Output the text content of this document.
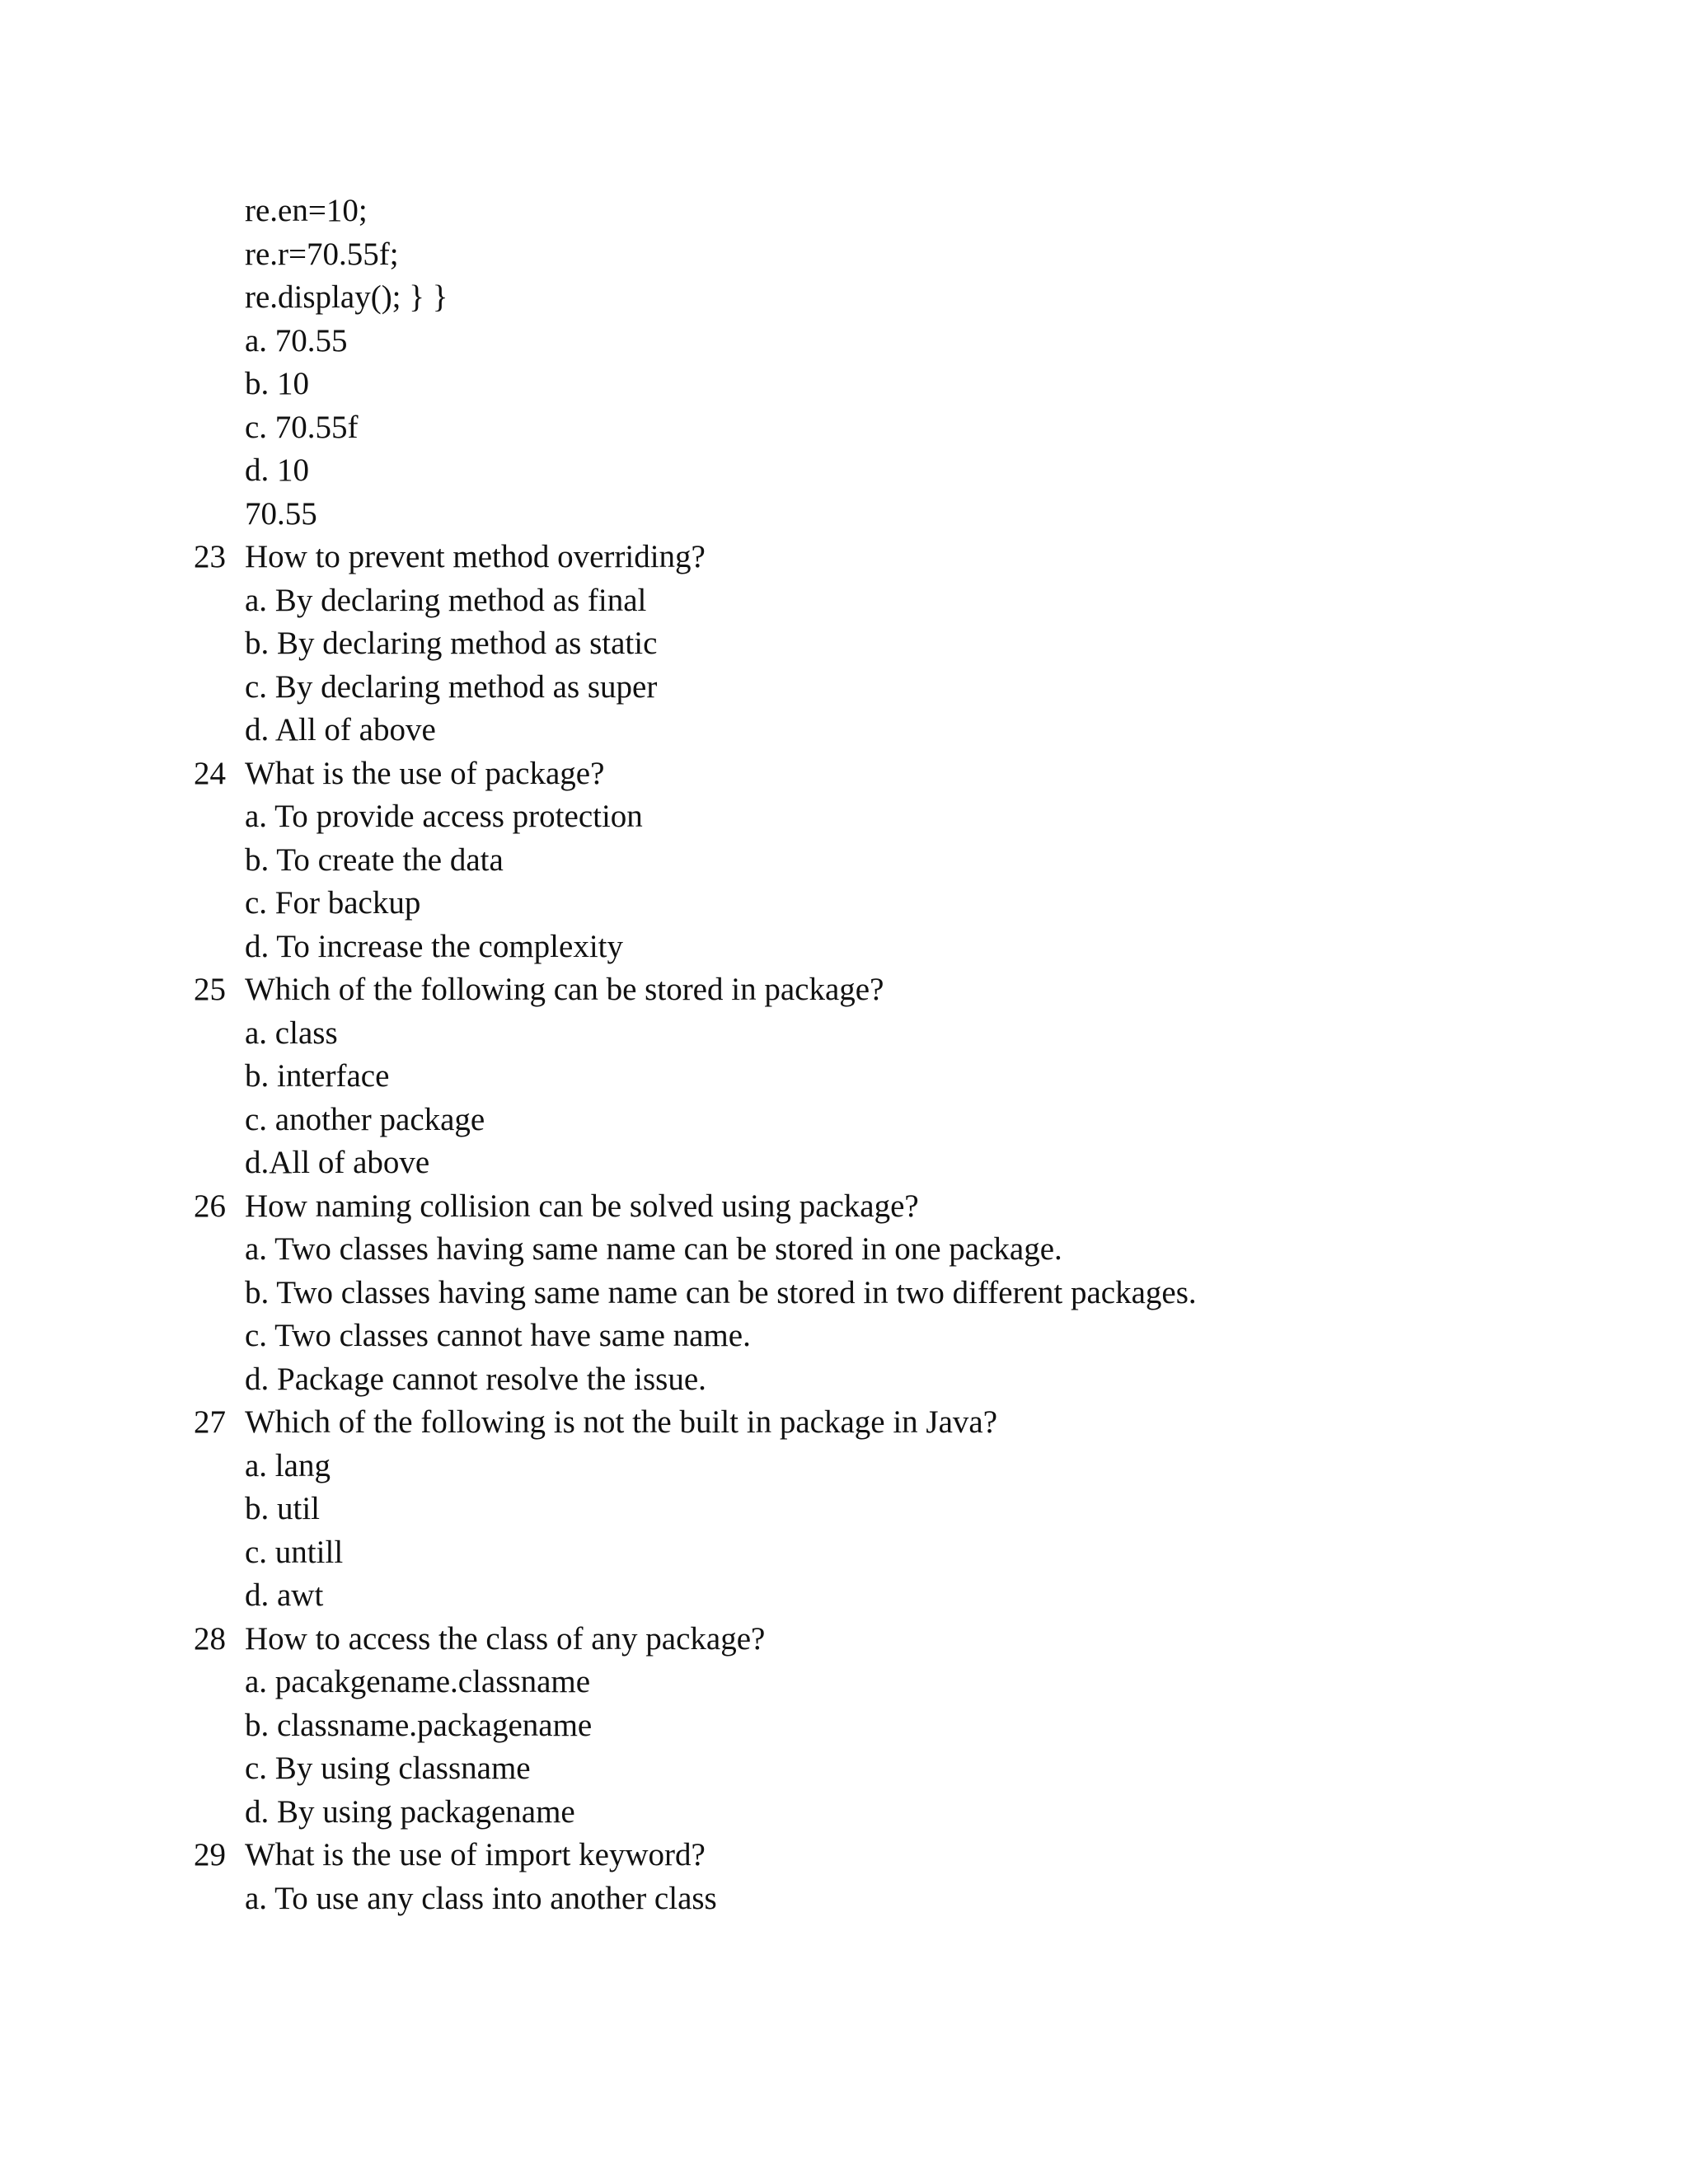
re.en=10;
re.r=70.55f;
re.display(); } }
a. 70.55
b. 10
c. 70.55f
d. 10
70.55
23 How to prevent method overriding?
a. By declaring method as final
b. By declaring method as static
c. By declaring method as super
d. All of above
24 What is the use of package?
a. To provide access protection
b. To create the data
c. For backup
d. To increase the complexity
25 Which of the following can be stored in package?
a. class
b. interface
c. another package
d.All of above
26 How naming collision can be solved using package?
a. Two classes having same name can be stored in one package.
b. Two classes having same name can be stored in two different packages.
c. Two classes cannot have same name.
d. Package cannot resolve the issue.
27 Which of the following is not the built in package in Java?
a. lang
b. util
c. untill
d. awt
28 How to access the class of any package?
a. pacakgename.classname
b. classname.packagename
c. By using classname
d. By using packagename
29 What is the use of import keyword?
a. To use any class into another class
